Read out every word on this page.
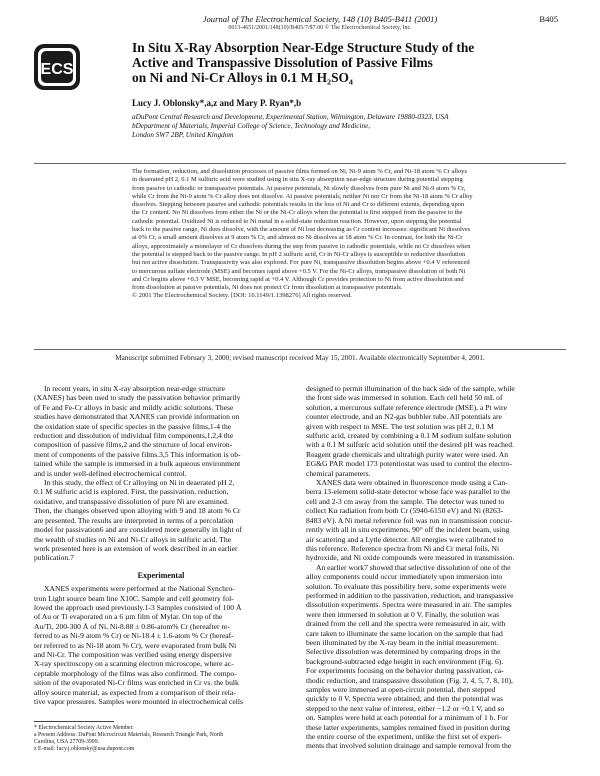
Journal of The Electrochemical Society, 148 (10) B405-B411 (2001)
0013-4651/2001/148(10)/B405/7/$7.00 © The Electrochemical Society, Inc.
B405
ECS
In Situ X-Ray Absorption Near-Edge Structure Study of the
Active and Transpassive Dissolution of Passive Films
on Ni and Ni-Cr Alloys in 0.1 M H₂SO₄
Lucy J. Oblonsky*,a,z and Mary P. Ryan*,b
aDuPont Central Research and Development, Experimental Station, Wilmington, Delaware 19880-0323, USA
bDepartment of Materials, Imperial College of Science, Technology and Medicine,
London SW7 2BP, United Kingdom
The formation, reduction, and dissolution processes of passive films formed on Ni, Ni-9 atom % Cr, and Ni-18 atom % Cr alloys
in deaerated pH 2, 0.1 M sulfuric acid were studied using in situ X-ray absorption near-edge structure during potential stepping
from passive to cathodic or transpassive potentials. At passive potentials, Ni slowly dissolves from pure Ni and Ni-9 atom % Cr,
while Cr from the Ni-9 atom % Cr alloy does not dissolve. At passive potentials, neither Ni nor Cr from the Ni-18 atom % Cr alloy
dissolves. Stepping between passive and cathodic potentials results in the loss of Ni and Cr to different extents, depending upon
the Cr content. No Ni dissolves from either the Ni or the Ni-Cr alloys when the potential is first stepped from the passive to the
cathodic potential. Oxidized Ni is reduced to Ni metal in a solid-state reduction reaction. However, upon stepping the potential
back to the passive range, Ni does dissolve, with the amount of Ni lost decreasing as Cr content increases: significant Ni dissolves
at 0% Cr, a small amount dissolves at 9 atom % Cr, and almost no Ni dissolves at 18 atom % Cr. In contrast, for both the Ni-Cr
alloys, approximately a monolayer of Cr dissolves during the step from passive to cathodic potentials, while no Cr dissolves when
the potential is stepped back to the passive range. In pH 2 sulfuric acid, Cr in Ni-Cr alloys is susceptible to reductive dissolution
but not active dissolution. Transpassivity was also explored. For pure Ni, transpassive dissolution begins above +0.4 V referenced
to mercurous sulfate electrode (MSE) and becomes rapid above +0.5 V. For the Ni-Cr alloys, transpassive dissolution of both Ni
and Cr begins above +0.3 V MSE, becoming rapid at +0.4 V. Although Cr provides protection to Ni from active dissolution and
from dissolution at passive potentials, Ni does not protect Cr from dissolution at transpassive potentials.
© 2001 The Electrochemical Society. [DOI: 10.1149/1.1398276] All rights reserved.
Manuscript submitted February 3, 2000; revised manuscript received May 15, 2001. Available electronically September 4, 2001.
In recent years, in situ X-ray absorption near-edge structure
(XANES) has been used to study the passivation behavior primarily
of Fe and Fe-Cr alloys in basic and mildly acidic solutions. These
studies have demonstrated that XANES can provide information on
the oxidation state of specific species in the passive films,1-4 the
reduction and dissolution of individual film components,1,2,4 the
composition of passive films,2 and the structure of local environ-
ment of components of the passive films.3,5 This information is ob-
tained while the sample is immersed in a bulk aqueous environment
and is under well-defined electrochemical control.
In this study, the effect of Cr alloying on Ni in deaerated pH 2,
0.1 M sulfuric acid is explored. First, the passivation, reduction,
oxidative, and transpassive dissolution of pure Ni are examined.
Then, the changes observed upon alloying with 9 and 18 atom % Cr
are presented. The results are interpreted in terms of a percolation
model for passivation6 and are considered more generally in light of
the wealth of studies on Ni and Ni-Cr alloys in sulfuric acid. The
work presented here is an extension of work described in an earlier
publication.7
Experimental
XANES experiments were performed at the National Synchro-
tron Light source beam line X10C. Sample and cell geometry fol-
lowed the approach used previously.1-3 Samples consisted of 100 Å
of Au or Ti evaporated on a 6 µm film of Mylar. On top of the
Au/Ti, 200-300 Å of Ni, Ni-8.88 ± 0.86-atom% Cr (hereafter re-
ferred to as Ni-9 atom % Cr) or Ni-18.4 ± 1.6-atom % Cr (hereaf-
ter referred to as Ni-18 atom % Cr), were evaporated from bulk Ni
and Ni-Cr. The composition was verified using energy dispersive
X-ray spectroscopy on a scanning electron microscope, where ac-
ceptable morphology of the films was also confirmed. The compo-
sition of the evaporated Ni-Cr films was enriched in Cr vs. the bulk
alloy source material, as expected from a comparison of their rela-
tive vapor pressures. Samples were mounted in electrochemical cells
designed to permit illumination of the back side of the sample, while
the front side was immersed in solution. Each cell held 50 mL of
solution, a mercurous sulfate reference electrode (MSE), a Pt wire
counter electrode, and an N2-gas bubbler tube. All potentials are
given with respect to MSE. The test solution was pH 2, 0.1 M
sulfuric acid, created by combining a 0.1 M sodium sulfate solution
with a 0.1 M sulfuric acid solution until the desired pH was reached.
Reagent grade chemicals and ultrahigh purity water were used. An
EG&G PAR model 173 potentiostat was used to control the electro-
chemical parameters.
XANES data were obtained in fluorescence mode using a Can-
berra 13-element solid-state detector whose face was parallel to the
cell and 2-3 cm away from the sample. The detector was tuned to
collect Kα radiation from both Cr (5940-6150 eV) and Ni (8263-
8483 eV). A Ni metal reference foil was run in transmission concur-
rently with all in situ experiments, 90° off the incident beam, using
air scattering and a Lytle detector. All energies were calibrated to
this reference. Reference spectra from Ni and Cr metal foils, Ni
hydroxide, and Ni oxide compounds were measured in transmission.
An earlier work7 showed that selective dissolution of one of the
alloy components could occur immediately upon immersion into
solution. To evaluate this possibility here, some experiments were
performed in addition to the passivation, reduction, and transpassive
dissolution experiments. Spectra were measured in air. The samples
were then immersed in solution at 0 V. Finally, the solution was
drained from the cell and the spectra were remeasured in air, with
care taken to illuminate the same location on the sample that had
been illuminated by the X-ray beam in the initial measurement.
Selective dissolution was determined by comparing drops in the
background-subtracted edge height in each environment (Fig. 6).
For experiments focusing on the behavior during passivation, ca-
thodic reduction, and transpassive dissolution (Fig. 2, 4, 5, 7, 8, 10),
samples were immersed at open-circuit potential, then stepped
quickly to 0 V. Spectra were obtained, and then the potential was
stepped to the next value of interest, either −1.2 or +0.1 V, and so
on. Samples were held at each potential for a minimum of 1 h. For
these latter experiments, samples remained fixed in position during
the entire course of the experiment, unlike the first set of experi-
ments that involved solution drainage and sample removal from the
* Electrochemical Society Active Member.
a Present Address: DuPont Microcircuit Materials, Research Triangle Park, North
Carolina, USA 27709-3999.
z E-mail: lucy.j.oblonsky@usa.dupont.com
